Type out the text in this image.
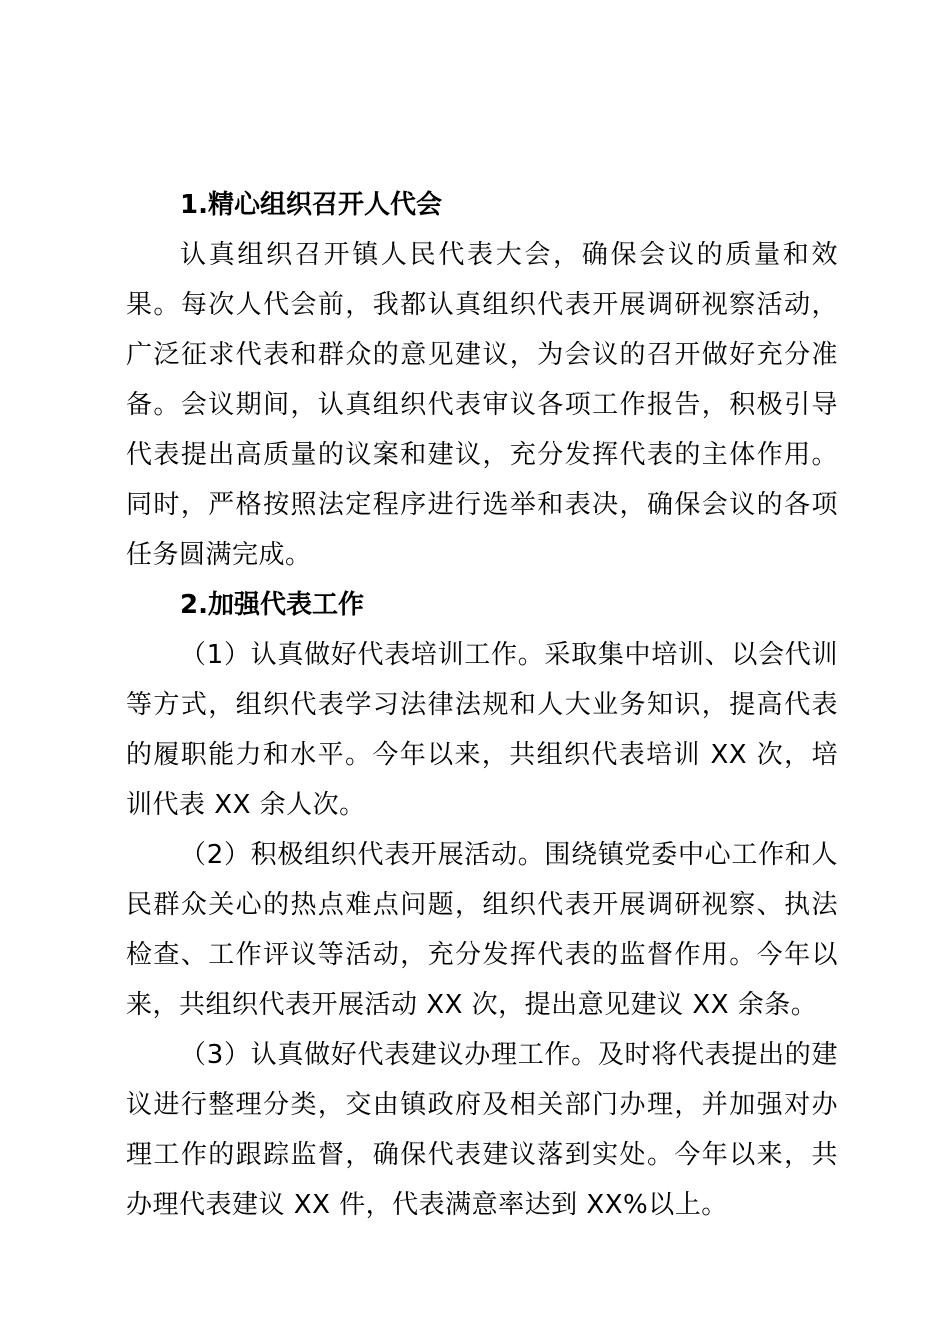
1.精心组织召开人代会

认真组织召开镇人民代表大会，确保会议的质量和效果。每次人代会前，我都认真组织代表开展调研视察活动，广泛征求代表和群众的意见建议，为会议的召开做好充分准备。会议期间，认真组织代表审议各项工作报告，积极引导代表提出高质量的议案和建议，充分发挥代表的主体作用。同时，严格按照法定程序进行选举和表决，确保会议的各项任务圆满完成。

2.加强代表工作

（1）认真做好代表培训工作。采取集中培训、以会代训等方式，组织代表学习法律法规和人大业务知识，提高代表的履职能力和水平。今年以来，共组织代表培训 XX 次，培训代表 XX 余人次。

（2）积极组织代表开展活动。围绕镇党委中心工作和人民群众关心的热点难点问题，组织代表开展调研视察、执法检查、工作评议等活动，充分发挥代表的监督作用。今年以来，共组织代表开展活动 XX 次，提出意见建议 XX 余条。

（3）认真做好代表建议办理工作。及时将代表提出的建议进行整理分类，交由镇政府及相关部门办理，并加强对办理工作的跟踪监督，确保代表建议落到实处。今年以来，共办理代表建议 XX 件，代表满意率达到 XX%以上。
